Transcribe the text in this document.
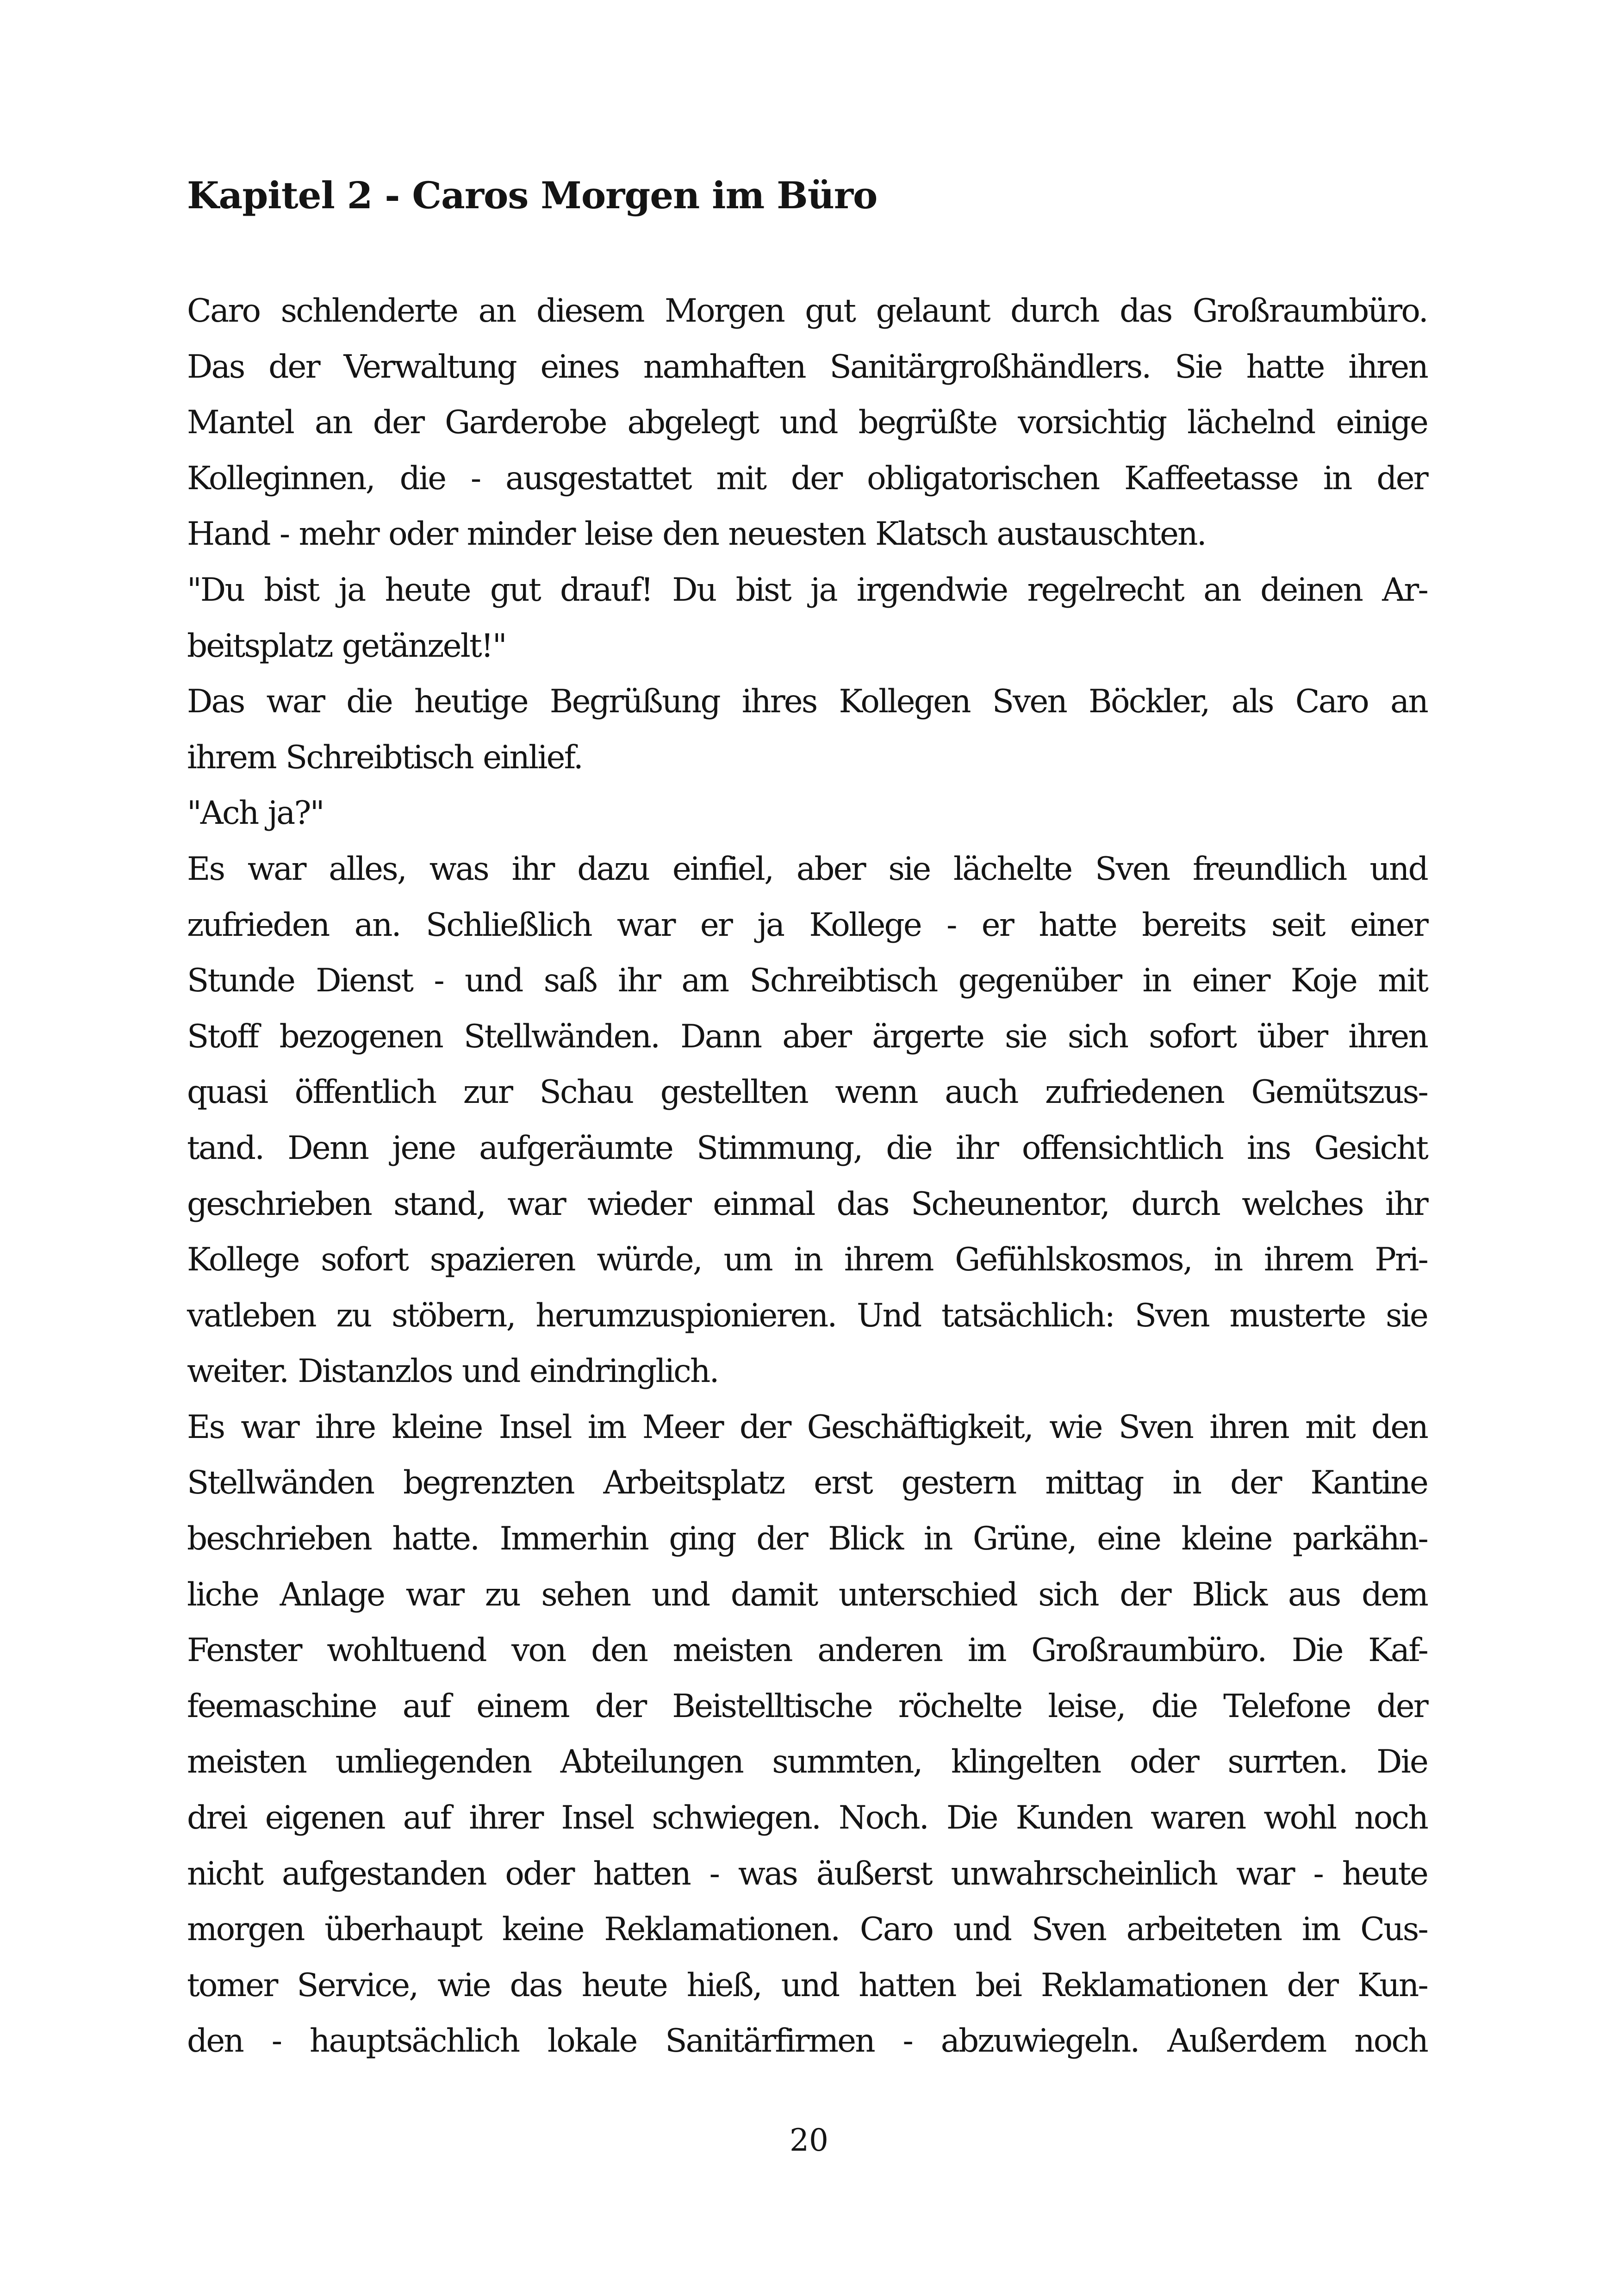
Kapitel 2 - Caros Morgen im Büro
Caro schlenderte an diesem Morgen gut gelaunt durch das Großraumbüro.
Das der Verwaltung eines namhaften Sanitärgroßhändlers. Sie hatte ihren
Mantel an der Garderobe abgelegt und begrüßte vorsichtig lächelnd einige
Kolleginnen, die - ausgestattet mit der obligatorischen Kaffeetasse in der
Hand - mehr oder minder leise den neuesten Klatsch austauschten.
"Du bist ja heute gut drauf! Du bist ja irgendwie regelrecht an deinen Ar-
beitsplatz getänzelt!"
Das war die heutige Begrüßung ihres Kollegen Sven Böckler, als Caro an
ihrem Schreibtisch einlief.
"Ach ja?"
Es war alles, was ihr dazu einfiel, aber sie lächelte Sven freundlich und
zufrieden an. Schließlich war er ja Kollege - er hatte bereits seit einer
Stunde Dienst - und saß ihr am Schreibtisch gegenüber in einer Koje mit
Stoff bezogenen Stellwänden. Dann aber ärgerte sie sich sofort über ihren
quasi öffentlich zur Schau gestellten wenn auch zufriedenen Gemütszus-
tand. Denn jene aufgeräumte Stimmung, die ihr offensichtlich ins Gesicht
geschrieben stand, war wieder einmal das Scheunentor, durch welches ihr
Kollege sofort spazieren würde, um in ihrem Gefühlskosmos, in ihrem Pri-
vatleben zu stöbern, herumzuspionieren. Und tatsächlich: Sven musterte sie
weiter. Distanzlos und eindringlich.
Es war ihre kleine Insel im Meer der Geschäftigkeit, wie Sven ihren mit den
Stellwänden begrenzten Arbeitsplatz erst gestern mittag in der Kantine
beschrieben hatte. Immerhin ging der Blick in Grüne, eine kleine parkähn-
liche Anlage war zu sehen und damit unterschied sich der Blick aus dem
Fenster wohltuend von den meisten anderen im Großraumbüro. Die Kaf-
feemaschine auf einem der Beistelltische röchelte leise, die Telefone der
meisten umliegenden Abteilungen summten, klingelten oder surrten. Die
drei eigenen auf ihrer Insel schwiegen. Noch. Die Kunden waren wohl noch
nicht aufgestanden oder hatten - was äußerst unwahrscheinlich war - heute
morgen überhaupt keine Reklamationen. Caro und Sven arbeiteten im Cus-
tomer Service, wie das heute hieß, und hatten bei Reklamationen der Kun-
den - hauptsächlich lokale Sanitärfirmen - abzuwiegeln. Außerdem noch

20
